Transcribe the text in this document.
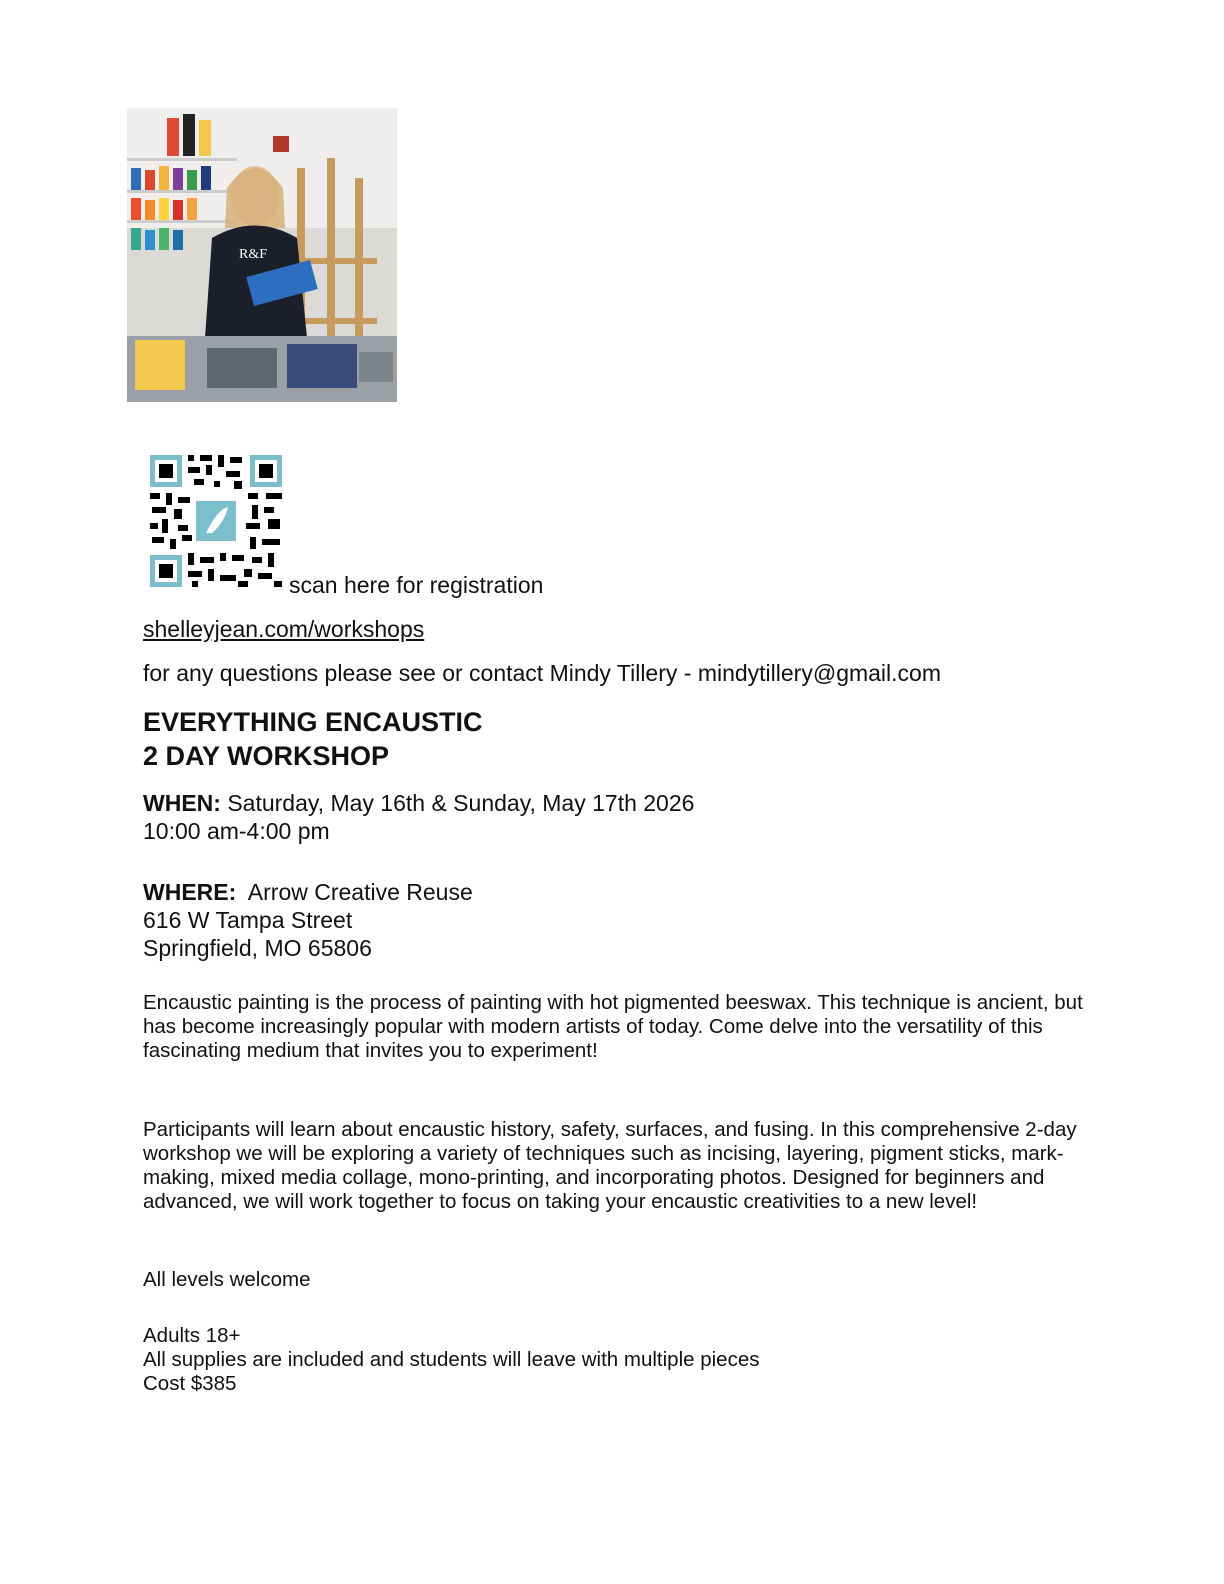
R&F
scan here for registration
shelleyjean.com/workshops
for any questions please see or contact Mindy Tillery - mindytillery@gmail.com
EVERYTHING ENCAUSTIC
2 DAY WORKSHOP
WHEN: Saturday, May 16th & Sunday, May 17th 2026
10:00 am-4:00 pm
WHERE:  Arrow Creative Reuse
616 W Tampa Street
Springfield, MO 65806
Encaustic painting is the process of painting with hot pigmented beeswax. This technique is ancient, but has become increasingly popular with modern artists of today. Come delve into the versatility of this fascinating medium that invites you to experiment!
Participants will learn about encaustic history, safety, surfaces, and fusing. In this comprehensive 2-day workshop we will be exploring a variety of techniques such as incising, layering, pigment sticks, mark-making, mixed media collage, mono-printing, and incorporating photos. Designed for beginners and advanced, we will work together to focus on taking your encaustic creativities to a new level!
All levels welcome
Adults 18+
All supplies are included and students will leave with multiple pieces
Cost $385
